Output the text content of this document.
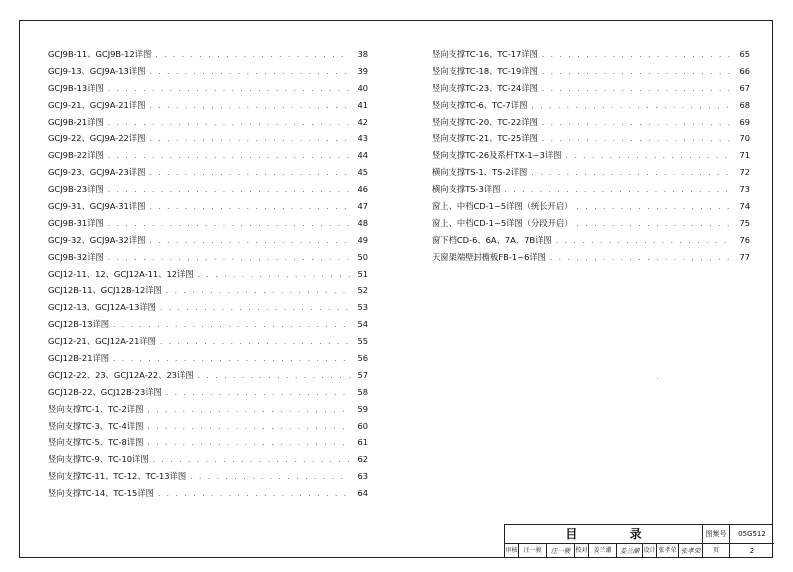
GCJ9B-11、GCJ9B-12详图 . . .	38
GCJ9-13、GCJ9A-13详图 . . .	39
GCJ9B-13详图 . . .	40
GCJ9-21、GCJ9A-21详图 . . .	41
GCJ9B-21详图 . . .	42
GCJ9-22、GCJ9A-22详图 . . .	43
GCJ9B-22详图 . . .	44
GCJ9-23、GCJ9A-23详图 . . .	45
GCJ9B-23详图 . . .	46
GCJ9-31、GCJ9A-31详图 . . .	47
GCJ9B-31详图 . . .	48
GCJ9-32、GCJ9A-32详图 . . .	49
GCJ9B-32详图 . . .	50
GCJ12-11、12、GCJ12A-11、12详图 . . .	51
GCJ12B-11、GCJ12B-12详图 . . .	52
GCJ12-13、GCJ12A-13详图 . . .	53
GCJ12B-13详图 . . .	54
GCJ12-21、GCJ12A-21详图 . . .	55
GCJ12B-21详图 . . .	56
GCJ12-22、23、GCJ12A-22、23详图 . . .	57
GCJ12B-22、GCJ12B-23详图 . . .	58
竖向支撑TC-1、TC-2详图 . . .	59
竖向支撑TC-3、TC-4详图 . . .	60
竖向支撑TC-5、TC-8详图 . . .	61
竖向支撑TC-9、TC-10详图 . . .	62
竖向支撑TC-11、TC-12、TC-13详图 . . .	63
竖向支撑TC-14、TC-15详图 . . .	64
竖向支撑TC-16、TC-17详图 . . .	65
竖向支撑TC-18、TC-19详图 . . .	66
竖向支撑TC-23、TC-24详图 . . .	67
竖向支撑TC-6、TC-7详图 . . .	68
竖向支撑TC-20、TC-22详图 . . .	69
竖向支撑TC-21、TC-25详图 . . .	70
竖向支撑TC-26及系杆TX-1~3详图 . . .	71
横向支撑TS-1、TS-2详图 . . .	72
横向支撑TS-3详图 . . .	73
窗上、中档CD-1~5详图（统长开启） . . .	74
窗上、中档CD-1~5详图（分段开启） . . .	75
窗下档CD-6、6A、7A、7B详图 . . .	76
天窗架端壁封檐板FB-1~6详图 . . .	77
目 录	图集号	05G512
审核 汪一骏	汪一骏 校对 姜兰潮	姜兰潮 设计 张孝荣 张孝荣	页	2
